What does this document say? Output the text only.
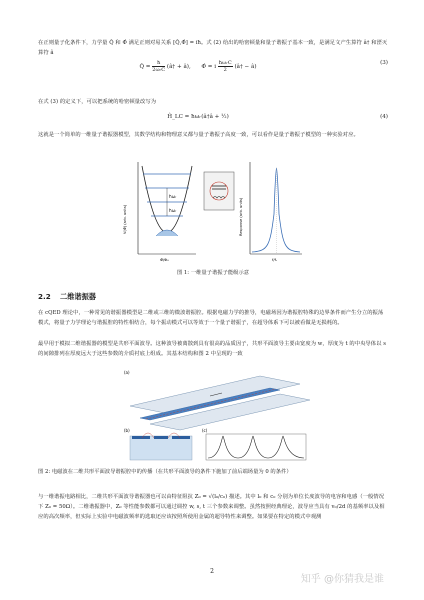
在正则量子化条件下，力学量 Q̂ 和 Φ̂ 满足正则对易关系 [Q̂,Φ̂] = iħ。式 (2) 给出的哈密顿量和量子谐振子基本一致，是满足文产生算符 â† 和湮灭算符 â
Q̂ = $\frac{ħ}{\text{2ωᵣC}}$ (â† + â), Φ̂ = i $\frac{\text{ħωᵣC}}{2}$ (â† − â)
(3)
在式 (3) 的定义下，可以把系统的哈密顿量改写为
Ĥ_LC = ħωᵣ(â†â + ½)	(4)
这就是一个简单的一维量子谐振器模型，其数学结构和物理意义都与量子谐振子高度一致，可以看作是量子谐振子模型的一种实验对应。
ħωᵣ
ħωᵣ
V(Φ̂) (arb. units)
Φ̂/Φ₀
Response (arb. units)
f/fᵣ
图 1: 一维量子谐振子能级示意
2.2 二维谐振器
在 cQED 理论中，一种常见的谐振器模型是二维或三维的微波谐振腔。根据电磁力学的推导，电磁场因为谐振腔特殊的边界条件而产生分立的振荡模式，将量子力学理论与谐振腔的特性相结合，每个振动模式可以等效于一个量子谐振子，在超导体系下可以被看做是无损耗的。
最早用于模拟二维谐振器的模型是共形平面波导。这种波导被离散到具有很高的品质因子，共形平面波导主要由宽度为 w，厚度为 t 的中央导体以 s 的间隙排列在厚度远大于这些参数的介质衬底上组成。其基本结构和图 2 中呈现的一致
(a)
(b)	(c)
图 2: 电磁波在二维共形平面波导谐振腔中的传播（在共形平面波导的条件下施加了前后端场量为 0 的条件）
与一维谐振电路相比，二维共形平面波导谐振器也可以由特征阻抗 Z₀ = √(l₀/c₀) 描述。其中 l₀ 和 c₀ 分别为单位长度波导的电容和电感（一般情况下 Z₀ = 50Ω）。二维谐振器中，Z₀ 等性能参数都可以通过调控 w, s, t 三个参数来调整。虽然按照经典理论，波导应当具有 v₀/2d 的基频率以及相应的高次频率，但实际上实验中电磁波频率的选取还应该按照所使用金属的超导特性来调整。如果要在特定的模式中观测
2
知乎 @你猜我是谁
